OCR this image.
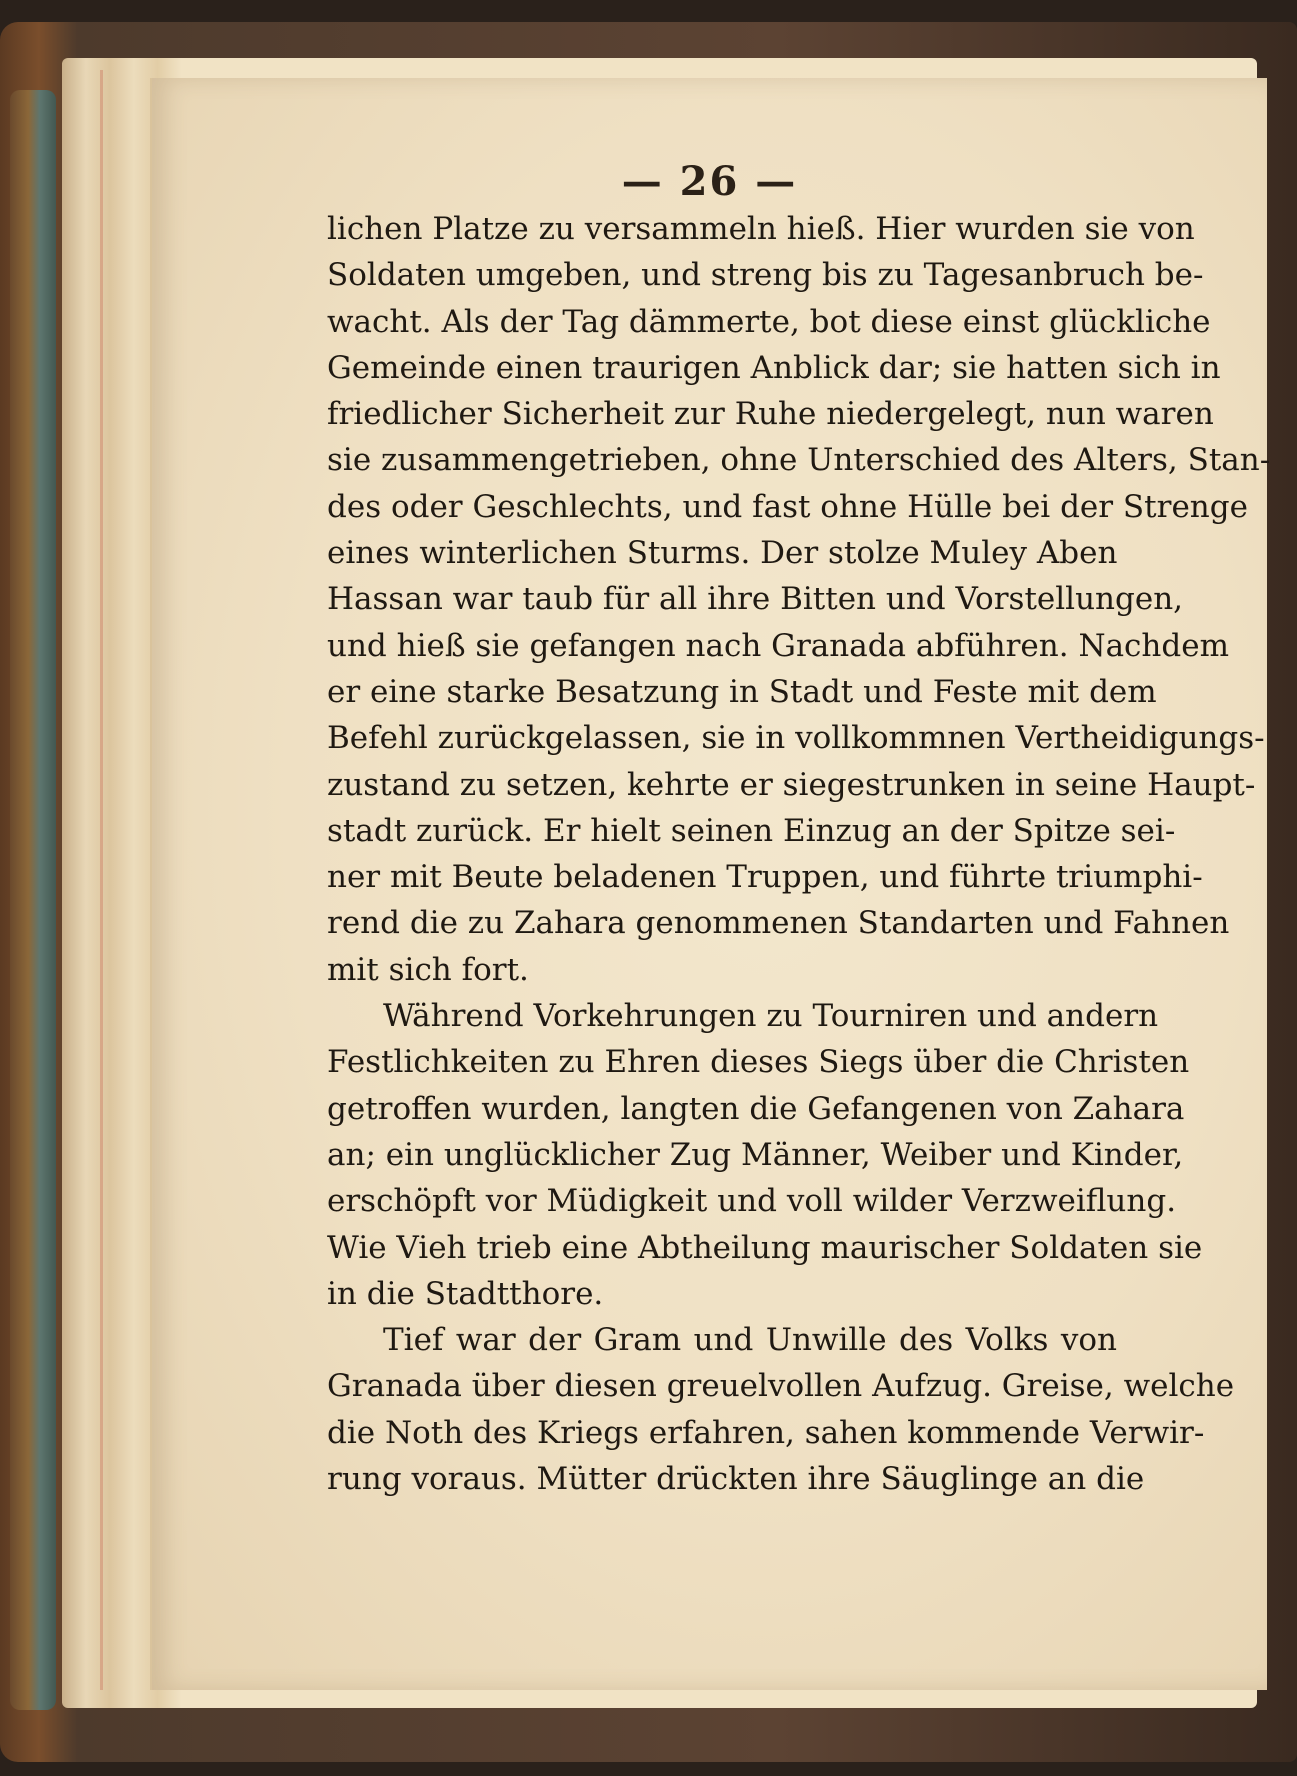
— 26 —

lichen Platze zu versammeln hieß. Hier wurden sie von
Soldaten umgeben, und streng bis zu Tagesanbruch be-
wacht. Als der Tag dämmerte, bot diese einst glückliche
Gemeinde einen traurigen Anblick dar; sie hatten sich in
friedlicher Sicherheit zur Ruhe niedergelegt, nun waren
sie zusammengetrieben, ohne Unterschied des Alters, Stan-
des oder Geschlechts, und fast ohne Hülle bei der Strenge
eines winterlichen Sturms. Der stolze Muley Aben
Hassan war taub für all ihre Bitten und Vorstellungen,
und hieß sie gefangen nach Granada abführen. Nachdem
er eine starke Besatzung in Stadt und Feste mit dem
Befehl zurückgelassen, sie in vollkommnen Vertheidigungs-
zustand zu setzen, kehrte er siegestrunken in seine Haupt-
stadt zurück. Er hielt seinen Einzug an der Spitze sei-
ner mit Beute beladenen Truppen, und führte triumphi-
rend die zu Zahara genommenen Standarten und Fahnen
mit sich fort.
Während Vorkehrungen zu Tourniren und andern
Festlichkeiten zu Ehren dieses Siegs über die Christen
getroffen wurden, langten die Gefangenen von Zahara
an; ein unglücklicher Zug Männer, Weiber und Kinder,
erschöpft vor Müdigkeit und voll wilder Verzweiflung.
Wie Vieh trieb eine Abtheilung maurischer Soldaten sie
in die Stadtthore.
Tief war der Gram und Unwille des Volks von
Granada über diesen greuelvollen Aufzug. Greise, welche
die Noth des Kriegs erfahren, sahen kommende Verwir-
rung voraus. Mütter drückten ihre Säuglinge an die
